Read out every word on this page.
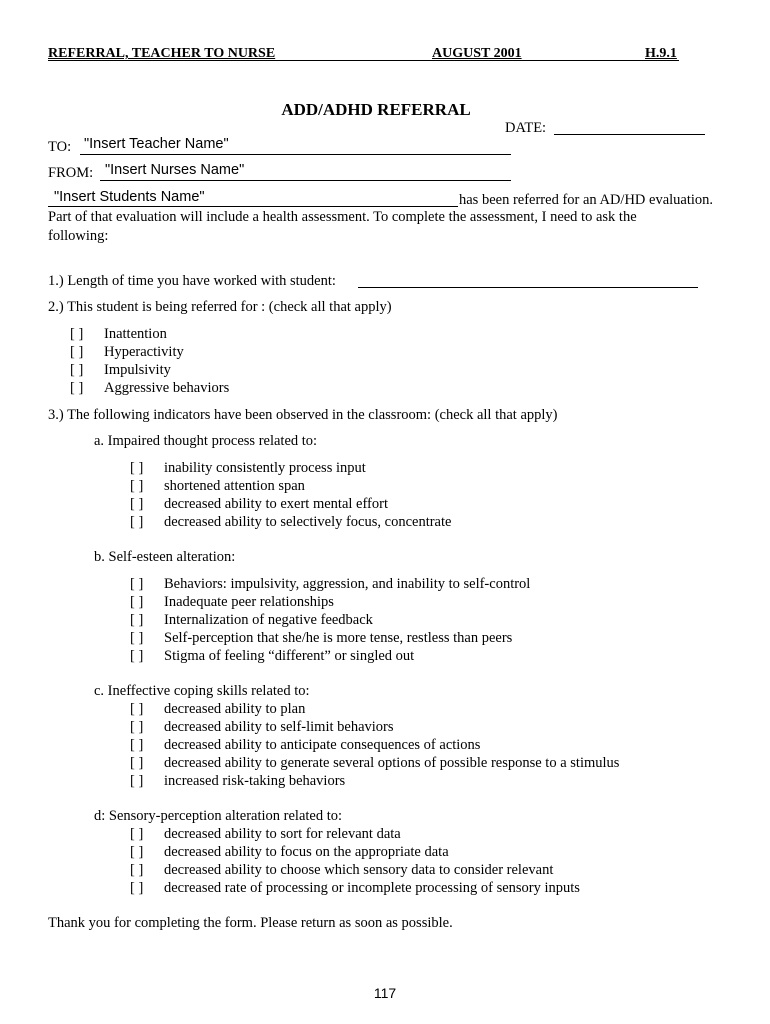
REFERRAL, TEACHER TO NURSE	AUGUST 2001	H.9.1
ADD/ADHD REFERRAL
DATE:
TO: "Insert Teacher Name"
FROM: "Insert Nurses Name"
"Insert Students Name"	has been referred for an AD/HD evaluation.
Part of that evaluation will include a health assessment. To complete the assessment, I need to ask the
following:
1.) Length of time you have worked with student:
2.) This student is being referred for : (check all that apply)
[ ] Inattention
[ ] Hyperactivity
[ ] Impulsivity
[ ] Aggressive behaviors
3.) The following indicators have been observed in the classroom: (check all that apply)
a. Impaired thought process related to:
[ ] inability consistently process input
[ ] shortened attention span
[ ] decreased ability to exert mental effort
[ ] decreased ability to selectively focus, concentrate
b. Self-esteen alteration:
[ ] Behaviors: impulsivity, aggression, and inability to self-control
[ ] Inadequate peer relationships
[ ] Internalization of negative feedback
[ ] Self-perception that she/he is more tense, restless than peers
[ ] Stigma of feeling “different” or singled out
c. Ineffective coping skills related to:
[ ] decreased ability to plan
[ ] decreased ability to self-limit behaviors
[ ] decreased ability to anticipate consequences of actions
[ ] decreased ability to generate several options of possible response to a stimulus
[ ] increased risk-taking behaviors
d: Sensory-perception alteration related to:
[ ] decreased ability to sort for relevant data
[ ] decreased ability to focus on the appropriate data
[ ] decreased ability to choose which sensory data to consider relevant
[ ] decreased rate of processing or incomplete processing of sensory inputs
Thank you for completing the form. Please return as soon as possible.
117
